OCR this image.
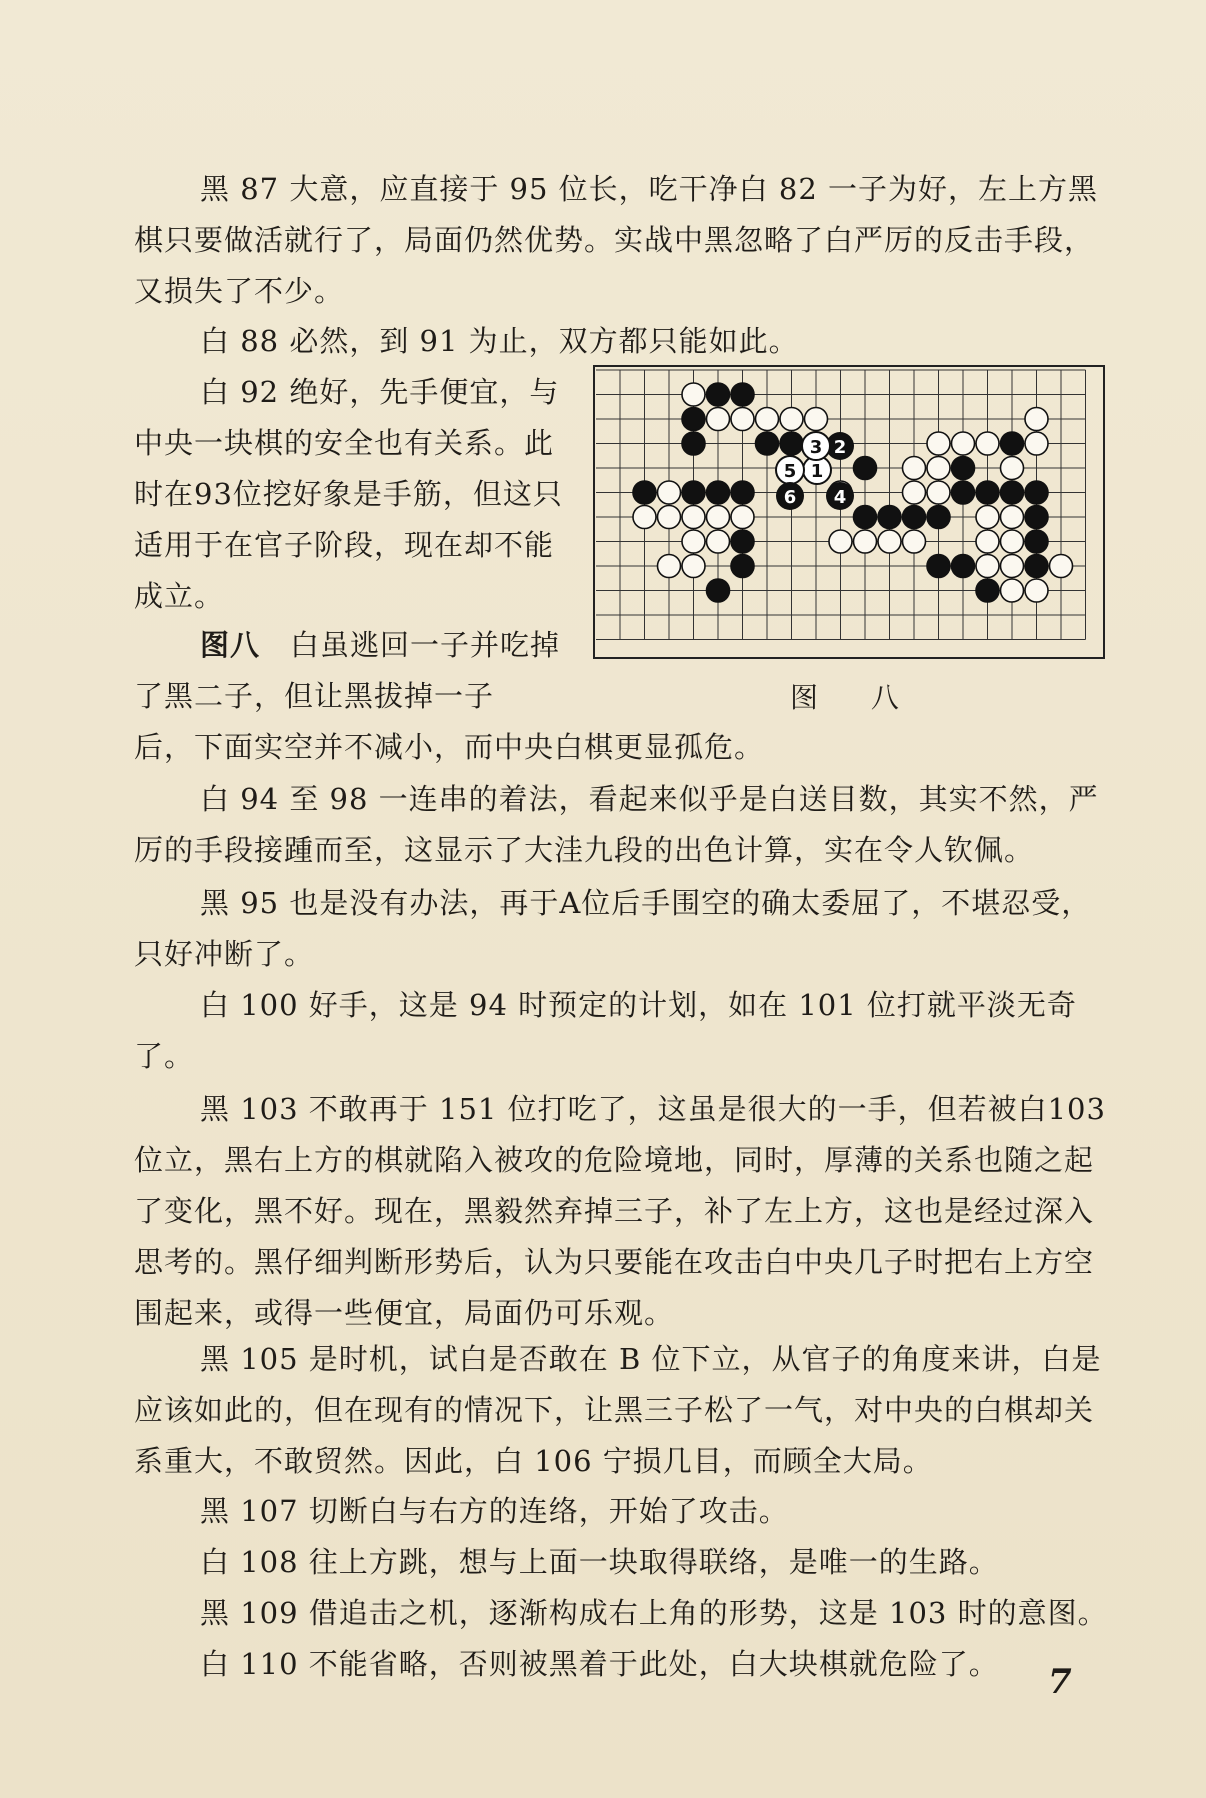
黑 87 大意，应直接于 95 位长，吃干净白 82 一子为好，左上方黑棋只要做活就行了，局面仍然优势。实战中黑忽略了白严厉的反击手段，又损失了不少。

白 88 必然，到 91 为止，双方都只能如此。

白 92 绝好，先手便宜，与中央一块棋的安全也有关系。此时在93位挖好象是手筋，但这只适用于在官子阶段，现在却不能成立。

图八　 白虽逃回一子并吃掉了黑二子，但让黑拔掉一子

后，下面实空并不减小，而中央白棋更显孤危。

白 94 至 98 一连串的着法，看起来似乎是白送目数，其实不然，严厉的手段接踵而至，这显示了大洼九段的出色计算，实在令人钦佩。

黑 95 也是没有办法，再于A位后手围空的确太委屈了，不堪忍受，只好冲断了。

白 100 好手，这是 94 时预定的计划，如在 101 位打就平淡无奇了。

黑 103 不敢再于 151 位打吃了，这虽是很大的一手，但若被白103位立，黑右上方的棋就陷入被攻的危险境地，同时，厚薄的关系也随之起了变化，黑不好。现在，黑毅然弃掉三子，补了左上方，这也是经过深入思考的。黑仔细判断形势后，认为只要能在攻击白中央几子时把右上方空围起来，或得一些便宜，局面仍可乐观。

黑 105 是时机，试白是否敢在 B 位下立，从官子的角度来讲，白是应该如此的，但在现有的情况下，让黑三子松了一气，对中央的白棋却关系重大，不敢贸然。因此，白 106 宁损几目，而顾全大局。

黑 107 切断白与右方的连络，开始了攻击。

白 108 往上方跳，想与上面一块取得联络，是唯一的生路。

黑 109 借追击之机，逐渐构成右上角的形势，这是 103 时的意图。

白 110 不能省略，否则被黑着于此处，白大块棋就危险了。

1
2
3
4
5
6
图 八
7
